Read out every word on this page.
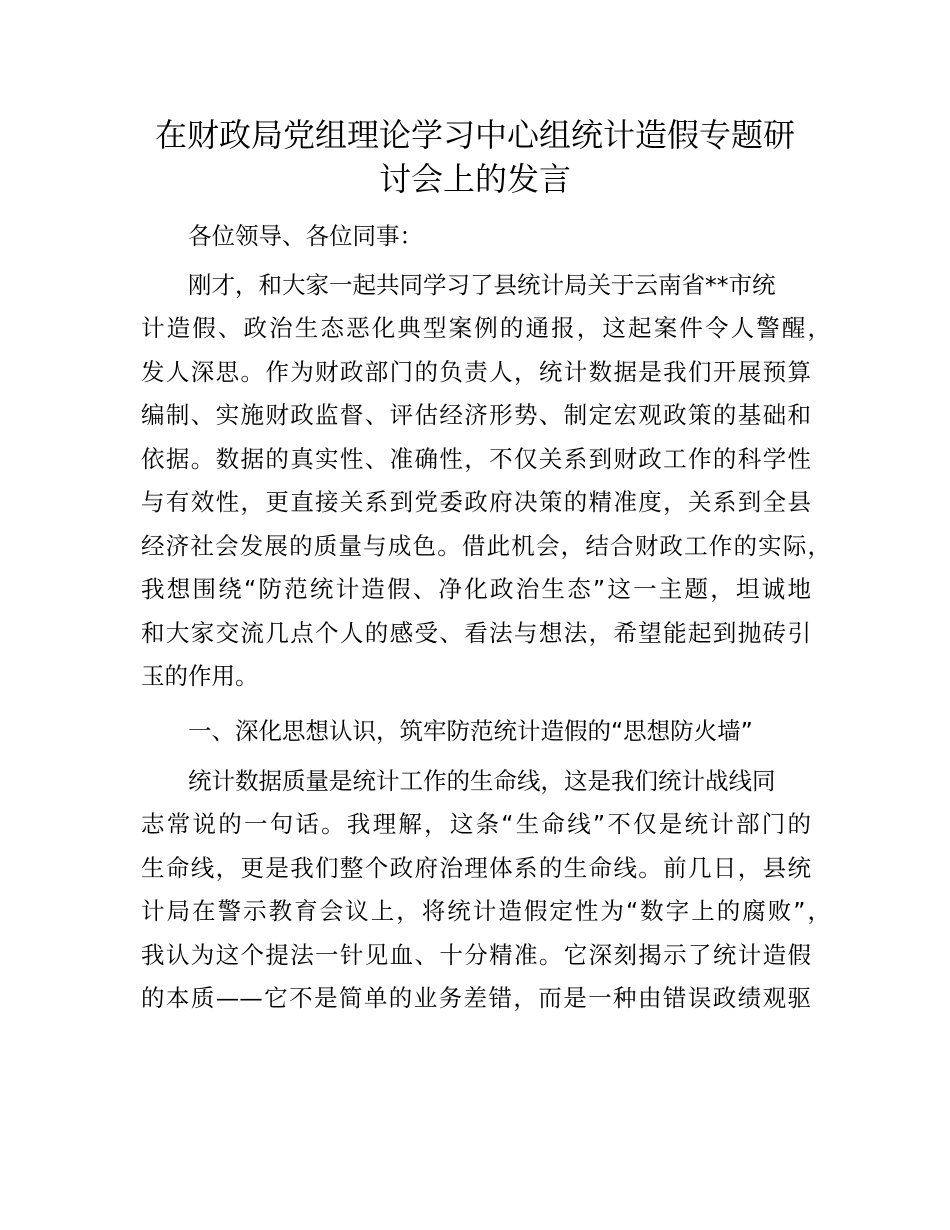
在财政局党组理论学习中心组统计造假专题研
讨会上的发言

各位领导、各位同事：

刚才，和大家一起共同学习了县统计局关于云南省**市统

计造假、政治生态恶化典型案例的通报，这起案件令人警醒，

发人深思。作为财政部门的负责人，统计数据是我们开展预算

编制、实施财政监督、评估经济形势、制定宏观政策的基础和

依据。数据的真实性、准确性，不仅关系到财政工作的科学性

与有效性，更直接关系到党委政府决策的精准度，关系到全县

经济社会发展的质量与成色。借此机会，结合财政工作的实际，

我想围绕“防范统计造假、净化政治生态”这一主题，坦诚地

和大家交流几点个人的感受、看法与想法，希望能起到抛砖引

玉的作用。

一、深化思想认识，筑牢防范统计造假的“思想防火墙”

统计数据质量是统计工作的生命线，这是我们统计战线同

志常说的一句话。我理解，这条“生命线”不仅是统计部门的

生命线，更是我们整个政府治理体系的生命线。前几日，县统

计局在警示教育会议上，将统计造假定性为“数字上的腐败”，

我认为这个提法一针见血、十分精准。它深刻揭示了统计造假

的本质——它不是简单的业务差错，而是一种由错误政绩观驱
